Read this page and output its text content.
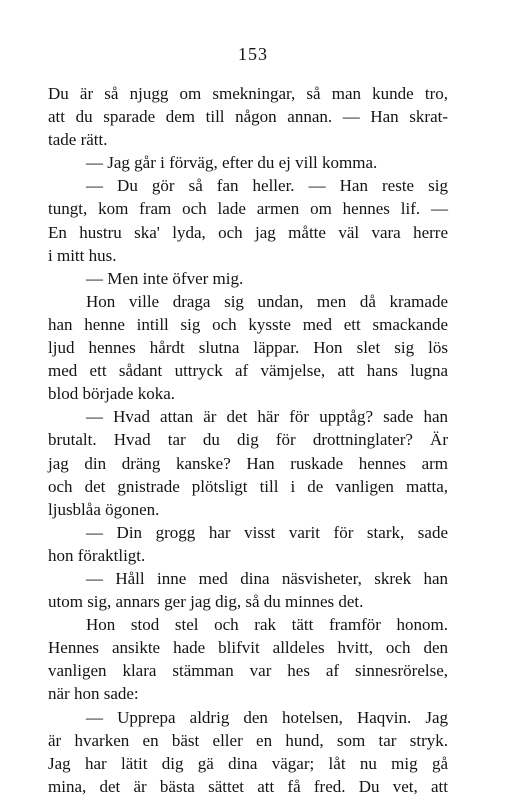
153
Du är så njugg om smekningar, så man kunde tro,
att du sparade dem till någon annan. — Han skrat-
tade rätt.
— Jag går i förväg, efter du ej vill komma.
— Du gör så fan heller. — Han reste sig
tungt, kom fram och lade armen om hennes lif. —
En hustru ska' lyda, och jag måtte väl vara herre
i mitt hus.
— Men inte öfver mig.
Hon ville draga sig undan, men då kramade
han henne intill sig och kysste med ett smackande
ljud hennes hårdt slutna läppar. Hon slet sig lös
med ett sådant uttryck af vämjelse, att hans lugna
blod började koka.
— Hvad attan är det här för upptåg? sade han
brutalt. Hvad tar du dig för drottninglater? Är
jag din dräng kanske? Han ruskade hennes arm
och det gnistrade plötsligt till i de vanligen matta,
ljusblåa ögonen.
— Din grogg har visst varit för stark, sade
hon föraktligt.
— Håll inne med dina näsvisheter, skrek han
utom sig, annars ger jag dig, så du minnes det.
Hon stod stel och rak tätt framför honom.
Hennes ansikte hade blifvit alldeles hvitt, och den
vanligen klara stämman var hes af sinnesrörelse,
när hon sade:
— Upprepa aldrig den hotelsen, Haqvin. Jag
är hvarken en bäst eller en hund, som tar stryk.
Jag har lätit dig gä dina vägar; låt nu mig gå
mina, det är bästa sättet att få fred. Du vet, att
